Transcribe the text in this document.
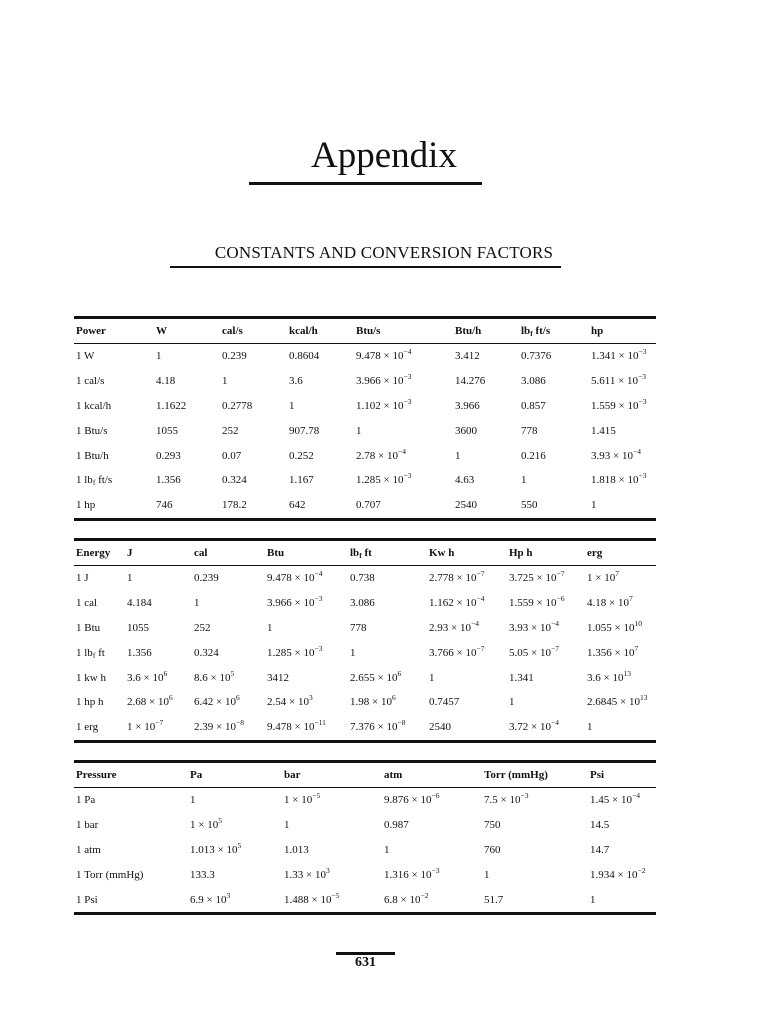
Appendix
CONSTANTS AND CONVERSION FACTORS
Power	W	cal/s	kcal/h	Btu/s	Btu/h	$lb_f$ ft/s	hp
1 W	1	0.239	0.8604	$9.478 \times 10^{-4}$	3.412	0.7376	$1.341 \times 10^{-3}$
1 cal/s	4.18	1	3.6	$3.966 \times 10^{-3}$	14.276	3.086	$5.611 \times 10^{-3}$
1 kcal/h	1.1622	0.2778	1	$1.102 \times 10^{-3}$	3.966	0.857	$1.559 \times 10^{-3}$
1 Btu/s	1055	252	907.78	1	3600	778	1.415
1 Btu/h	0.293	0.07	0.252	$2.78 \times 10^{-4}$	1	0.216	$3.93 \times 10^{-4}$
1 $lb_f$ ft/s	1.356	0.324	1.167	$1.285 \times 10^{-3}$	4.63	1	$1.818 \times 10^{-3}$
1 hp	746	178.2	642	0.707	2540	550	1
Energy	J	cal	Btu	$lb_f$ ft	Kw h	Hp h	erg
1 J	1	0.239	$9.478 \times 10^{-4}$	0.738	$2.778 \times 10^{-7}$	$3.725 \times 10^{-7}$	$1 \times 10^7$
1 cal	4.184	1	$3.966 \times 10^{-3}$	3.086	$1.162 \times 10^{-4}$	$1.559 \times 10^{-6}$	$4.18 \times 10^7$
1 Btu	1055	252	1	778	$2.93 \times 10^{-4}$	$3.93 \times 10^{-4}$	$1.055 \times 10^{10}$
1 $lb_f$ ft	1.356	0.324	$1.285 \times 10^{-3}$	1	$3.766 \times 10^{-7}$	$5.05 \times 10^{-7}$	$1.356 \times 10^7$
1 kw h	$3.6 \times 10^6$	$8.6 \times 10^5$	3412	$2.655 \times 10^6$	1	1.341	$3.6 \times 10^{13}$
1 hp h	$2.68 \times 10^6$	$6.42 \times 10^6$	$2.54 \times 10^3$	$1.98 \times 10^6$	0.7457	1	$2.6845 \times 10^{13}$
1 erg	$1 \times 10^{-7}$	$2.39 \times 10^{-8}$	$9.478 \times 10^{-11}$	$7.376 \times 10^{-8}$	2540	$3.72 \times 10^{-4}$	1
Pressure	Pa	bar	atm	Torr (mmHg)	Psi
1 Pa	1	$1 \times 10^{-5}$	$9.876 \times 10^{-6}$	$7.5 \times 10^{-3}$	$1.45 \times 10^{-4}$
1 bar	$1 \times 10^5$	1	0.987	750	14.5
1 atm	$1.013 \times 10^5$	1.013	1	760	14.7
1 Torr (mmHg)	133.3	$1.33 \times 10^3$	$1.316 \times 10^{-3}$	1	$1.934 \times 10^{-2}$
1 Psi	$6.9 \times 10^3$	$1.488 \times 10^{-5}$	$6.8 \times 10^{-2}$	51.7	1
631
